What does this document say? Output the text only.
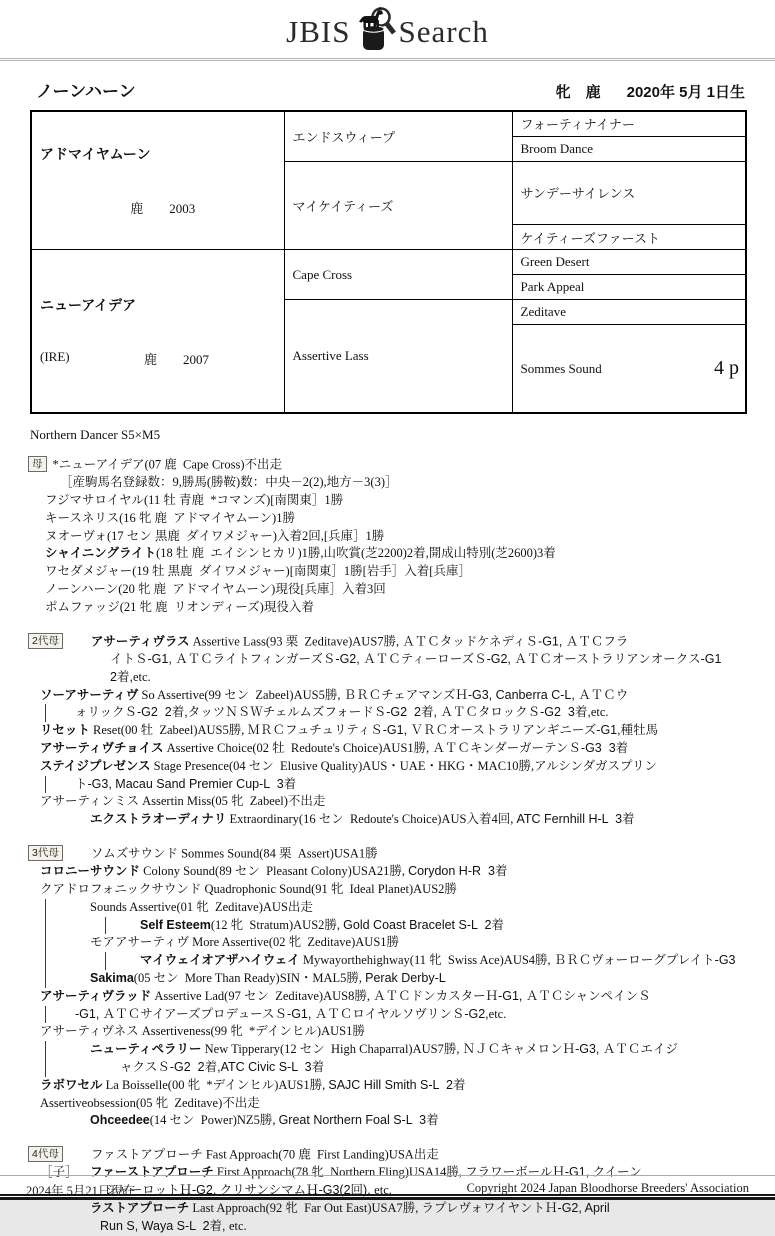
JBIS Search
ノーンハーン	牝　鹿 2020年 5月 1日生

アドマイヤムーン

鹿　　2003	エンドスウィープ	フォーティナイナー
		Broom Dance
	マイケイティーズ	サンデーサイレンス
		ケイティーズファースト

ニューアイデア

(IRE) 鹿　　2007	Cape Cross	Green Desert
		Park Appeal
	Assertive Lass	Zeditave

		Sommes Sound 4 p

Northern Dancer S5×M5
母 *ニューアイデア(07 鹿  Cape Cross)不出走
［産駒馬名登録数：9,勝馬(勝鞍)数：中央－2(2),地方－3(3)］
フジマサロイヤル(11 牡 青鹿  *コマンズ)[南関東］1勝
キースネリス(16 牝 鹿  アドマイヤムーン)1勝
ヌオーヴォ(17 セン 黒鹿  ダイワメジャー)入着2回,[兵庫］1勝
シャイニングライト(18 牡 鹿  エイシンヒカリ)1勝,山吹賞(芝2200)2着,開成山特別(芝2600)3着
ワセダメジャー(19 牡 黒鹿  ダイワメジャー)[南関東］1勝[岩手］入着[兵庫］
ノーンハーン(20 牝 鹿  アドマイヤムーン)現役[兵庫］入着3回
ポムファッジ(21 牝 鹿  リオンディーズ)現役入着
2代母	アサーティヴラス Assertive Lass(93 栗  Zeditave)AUS7勝, ＡＴＣタッドケネディＳ-G1, ＡＴＣフラ
イトＳ-G1, ＡＴＣライトフィンガーズＳ-G2, ＡＴＣティーローズＳ-G2, ＡＴＣオーストラリアンオークス-G1
2着,etc.
ソーアサーティヴ So Assertive(99 セン  Zabeel)AUS5勝, ＢＲＣチェアマンズＨ-G3, Canberra C-L, ＡＴＣウ
ォリックＳ-G2  2着,タッツＮＳＷチェルムズフォードＳ-G2  2着, ＡＴＣタロックＳ-G2  3着,etc.
リセット Reset(00 牡  Zabeel)AUS5勝, ＭＲＣフュチュリティＳ-G1, ＶＲＣオーストラリアンギニーズ-G1,種牡馬
アサーティヴチョイス Assertive Choice(02 牡  Redoute's Choice)AUS1勝, ＡＴＣキンダーガーテンＳ-G3  3着
ステイジプレゼンス Stage Presence(04 セン  Elusive Quality)AUS・UAE・HKG・MAC10勝,アルシンダガスプリン
ト-G3, Macau Sand Premier Cup-L  3着
アサーティンミス Assertin Miss(05 牝  Zabeel)不出走
エクストラオーディナリ Extraordinary(16 セン  Redoute's Choice)AUS入着4回, ATC Fernhill H-L  3着
3代母	ソムズサウンド Sommes Sound(84 栗  Assert)USA1勝
コロニーサウンド Colony Sound(89 セン  Pleasant Colony)USA21勝, Corydon H-R  3着
クアドロフォニックサウンド Quadrophonic Sound(91 牝  Ideal Planet)AUS2勝
Sounds Assertive(01 牝  Zeditave)AUS出走
Self Esteem(12 牝  Stratum)AUS2勝, Gold Coast Bracelet S-L  2着
モアアサーティヴ More Assertive(02 牝  Zeditave)AUS1勝
マイウェイオアザハイウェイ Mywayorthehighway(11 牝  Swiss Ace)AUS4勝, ＢＲＣヴォーローグプレイト-G3
Sakima(05 セン  More Than Ready)SIN・MAL5勝, Perak Derby-L
アサーティヴラッド Assertive Lad(97 セン  Zeditave)AUS8勝, ＡＴＣドンカスターＨ-G1, ＡＴＣシャンペインＳ
-G1, ＡＴＣサイアーズプロデュースＳ-G1, ＡＴＣロイヤルソヴリンＳ-G2,etc.
アサーティヴネス Assertiveness(99 牝  *デインヒル)AUS1勝
ニューティペラリー New Tipperary(12 セン  High Chaparral)AUS7勝, ＮＪＣキャメロンＨ-G3, ＡＴＣエイジ
ャクスＳ-G2  2着,ATC Civic S-L  3着
ラボワセル La Boisselle(00 牝  *デインヒル)AUS1勝, SAJC Hill Smith S-L  2着
Assertiveobsession(05 牝  Zeditave)不出走
Ohceedee(14 セン  Power)NZ5勝, Great Northern Foal S-L  3着
4代母	ファストアプローチ Fast Approach(70 鹿  First Landing)USA出走
［子］ ファーストアプローチ First Approach(78 牝  Northern Fling)USA14勝, フラワーボールＨ-G1, クイーン
シャーロットＨ-G2, クリサンシマムＨ-G3(2回), etc.
ラストアプローチ Last Approach(92 牝  Far Out East)USA7勝, ラプレヴォワイヤントＨ-G2, April
Run S, Waya S-L  2着, etc.
2024年 5月21日現在	Copyright 2024 Japan Bloodhorse Breeders' Association
